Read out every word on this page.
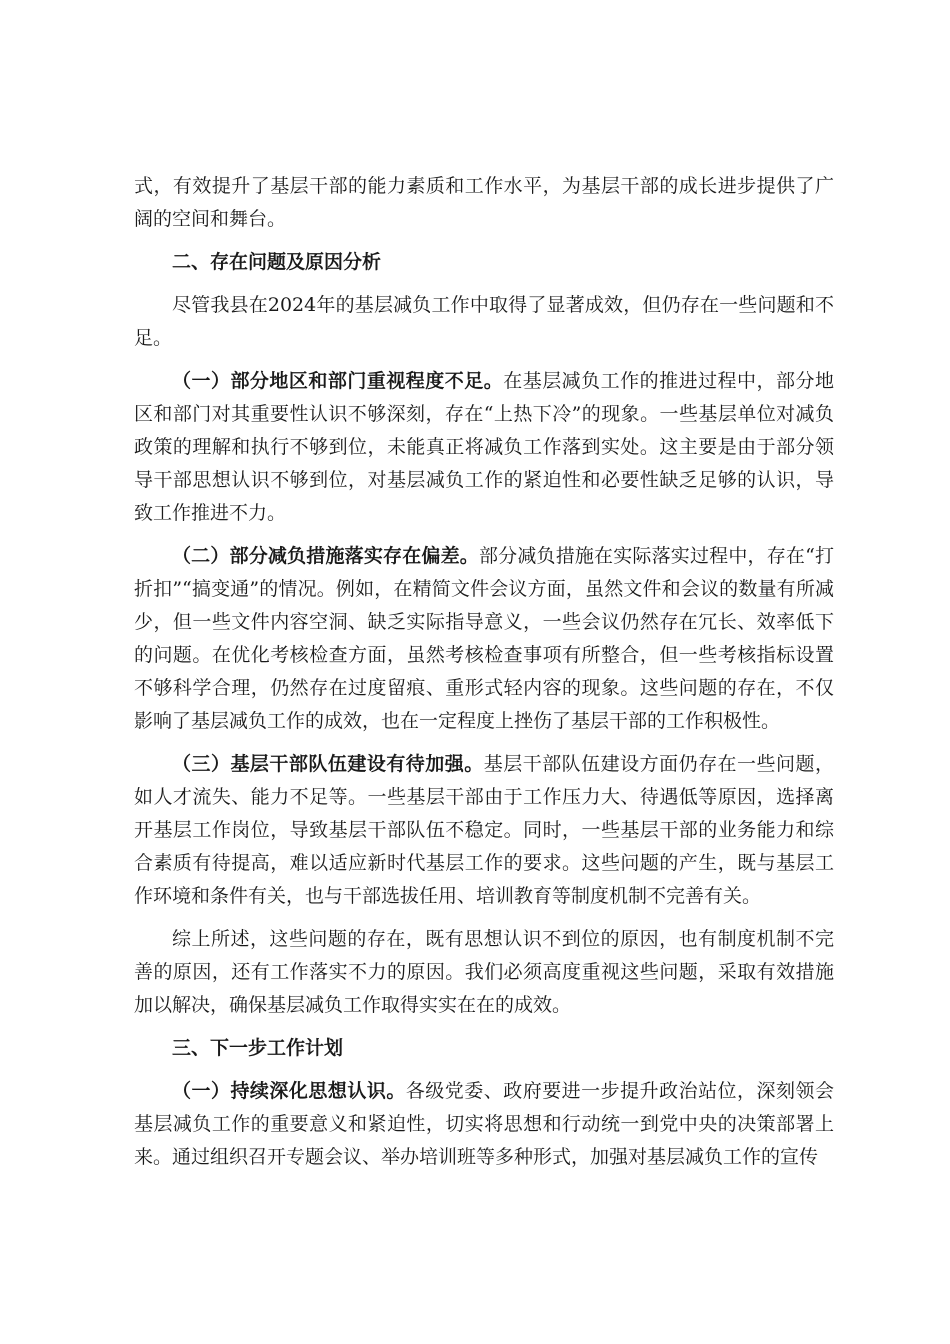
式，有效提升了基层干部的能力素质和工作水平，为基层干部的成长进步提供了广阔的空间和舞台。

二、存在问题及原因分析

尽管我县在2024年的基层减负工作中取得了显著成效，但仍存在一些问题和不足。

（一）部分地区和部门重视程度不足。在基层减负工作的推进过程中，部分地区和部门对其重要性认识不够深刻，存在“上热下冷”的现象。一些基层单位对减负政策的理解和执行不够到位，未能真正将减负工作落到实处。这主要是由于部分领导干部思想认识不够到位，对基层减负工作的紧迫性和必要性缺乏足够的认识，导致工作推进不力。

（二）部分减负措施落实存在偏差。部分减负措施在实际落实过程中，存在“打折扣”“搞变通”的情况。例如，在精简文件会议方面，虽然文件和会议的数量有所减少，但一些文件内容空洞、缺乏实际指导意义，一些会议仍然存在冗长、效率低下的问题。在优化考核检查方面，虽然考核检查事项有所整合，但一些考核指标设置不够科学合理，仍然存在过度留痕、重形式轻内容的现象。这些问题的存在，不仅影响了基层减负工作的成效，也在一定程度上挫伤了基层干部的工作积极性。

（三）基层干部队伍建设有待加强。基层干部队伍建设方面仍存在一些问题，如人才流失、能力不足等。一些基层干部由于工作压力大、待遇低等原因，选择离开基层工作岗位，导致基层干部队伍不稳定。同时，一些基层干部的业务能力和综合素质有待提高，难以适应新时代基层工作的要求。这些问题的产生，既与基层工作环境和条件有关，也与干部选拔任用、培训教育等制度机制不完善有关。

综上所述，这些问题的存在，既有思想认识不到位的原因，也有制度机制不完善的原因，还有工作落实不力的原因。我们必须高度重视这些问题，采取有效措施加以解决，确保基层减负工作取得实实在在的成效。

三、下一步工作计划

（一）持续深化思想认识。各级党委、政府要进一步提升政治站位，深刻领会基层减负工作的重要意义和紧迫性，切实将思想和行动统一到党中央的决策部署上来。通过组织召开专题会议、举办培训班等多种形式，加强对基层减负工作的宣传
